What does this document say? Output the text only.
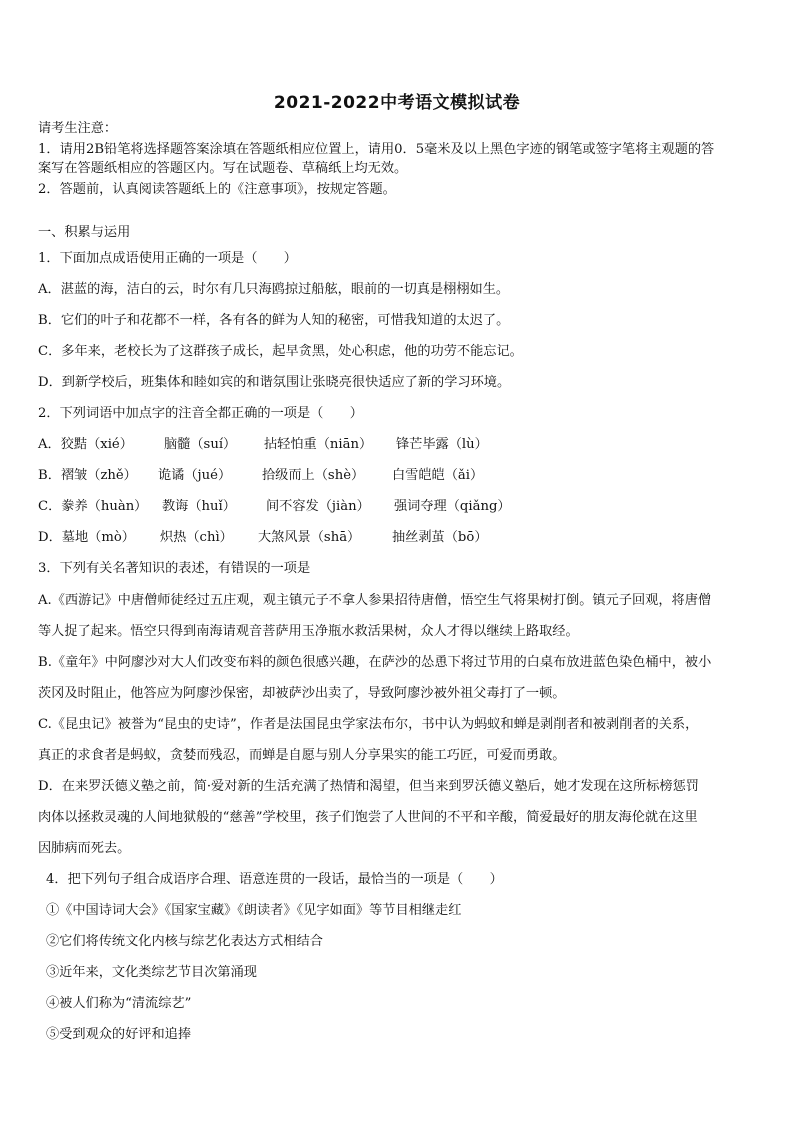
2021-2022中考语文模拟试卷
请考生注意：
1．请用2B铅笔将选择题答案涂填在答题纸相应位置上，请用0．5毫米及以上黑色字迹的钢笔或签字笔将主观题的答
案写在答题纸相应的答题区内。写在试题卷、草稿纸上均无效。
2．答题前，认真阅读答题纸上的《注意事项》，按规定答题。
一、积累与运用
1．下面加点成语使用正确的一项是（　　）
A．湛蓝的海，洁白的云，时尔有几只海鸥掠过船舷，眼前的一切真是栩栩如生。
B．它们的叶子和花都不一样，各有各的鲜为人知的秘密，可惜我知道的太迟了。
C．多年来，老校长为了这群孩子成长，起早贪黑，处心积虑，他的功劳不能忘记。
D．到新学校后，班集体和睦如宾的和谐氛围让张晓亮很快适应了新的学习环境。
2．下列词语中加点字的注音全都正确的一项是（　　）
A．狡黠（xié） 脑髓（suí） 拈轻怕重（niān） 锋芒毕露（lù）
B．褶皱（zhě） 诡谲（jué） 拾级而上（shè） 白雪皑皑（ǎi）
C．豢养（huàn） 教诲（huǐ） 间不容发（jiàn） 强词夺理（qiǎng）
D．墓地（mò） 炽热（chì） 大煞风景（shā） 抽丝剥茧（bō）
3．下列有关名著知识的表述，有错误的一项是
A.《西游记》中唐僧师徒经过五庄观，观主镇元子不拿人参果招待唐僧，悟空生气将果树打倒。镇元子回观，将唐僧
等人捉了起来。悟空只得到南海请观音菩萨用玉净瓶水救活果树，众人才得以继续上路取经。
B.《童年》中阿廖沙对大人们改变布料的颜色很感兴趣，在萨沙的怂恿下将过节用的白桌布放进蓝色染色桶中，被小
茨冈及时阻止，他答应为阿廖沙保密，却被萨沙出卖了，导致阿廖沙被外祖父毒打了一顿。
C.《昆虫记》被誉为“昆虫的史诗”，作者是法国昆虫学家法布尔，书中认为蚂蚁和蝉是剥削者和被剥削者的关系，
真正的求食者是蚂蚁，贪婪而残忍，而蝉是自愿与别人分享果实的能工巧匠，可爱而勇敢。
D．在来罗沃德义塾之前，简·爱对新的生活充满了热情和渴望，但当来到罗沃德义塾后，她才发现在这所标榜惩罚
肉体以拯救灵魂的人间地狱般的“慈善”学校里，孩子们饱尝了人世间的不平和辛酸，简爱最好的朋友海伦就在这里
因肺病而死去。
4．把下列句子组合成语序合理、语意连贯的一段话，最恰当的一项是（　　）
①《中国诗词大会》《国家宝藏》《朗读者》《见字如面》等节目相继走红
②它们将传统文化内核与综艺化表达方式相结合
③近年来，文化类综艺节目次第涌现
④被人们称为“清流综艺”
⑤受到观众的好评和追捧
